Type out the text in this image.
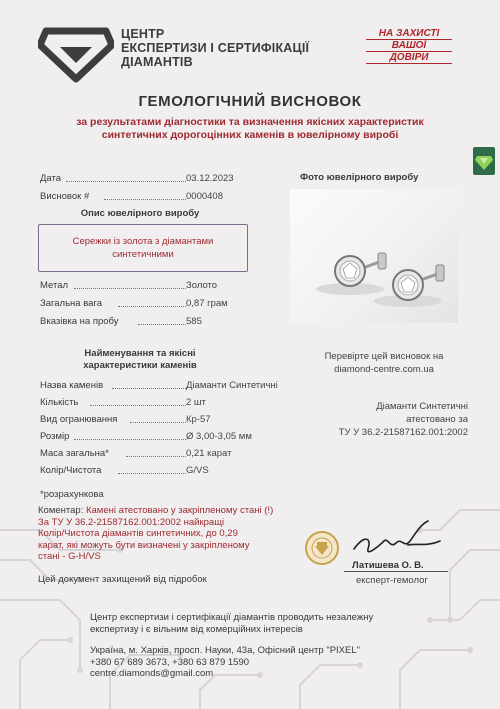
ЦЕНТР
ЕКСПЕРТИЗИ І СЕРТИФІКАЦІЇ
ДІАМАНТІВ
НА ЗАХИСТІ
ВАШОЇ
ДОВІРИ
ГЕМОЛОГІЧНИЙ ВИСНОВОК
за результатами діагностики та визначення якісних характеристик
синтетичних дорогоцінних каменів в ювелірному виробі
Дата	03.12.2023
Висновок #	0000408
Опис ювелірного виробу
Сережки із золота з діамантами
синтетичними
Метал	Золото
Загальна вага	0,87 грам
Вказівка на пробу	585
Фото ювелірного виробу
Найменування та якісні
характеристики каменів
Перевірте цей висновок на
diamond-centre.com.ua
Діаманти Синтетичні
атестовано за
ТУ У 36.2-21587162.001:2002
Назва каменів	Діаманти Синтетичні
Кількість	2 шт
Вид огранювання	Кр-57
Розмір	Ø 3,00-3,05 мм
Маса загальна*	0,21 карат
Колір/Чистота	G/VS
*розрахункова
Коментар: Камені атестовано у закріпленому стані (!)
За ТУ У 36.2-21587162.001:2002 найкращі
Колір/Чистота діамантів синтетичних, до 0,29
карат, які можуть бути визначені у закріпленому
стані - G-H/VS
Цей документ захищений від підробок
Латишева О. В.
експерт-гемолог
Центр експертизи і сертифікації діамантів проводить незалежну
експертизу і є вільним від комерційних інтересів
Україна, м. Харків, просп. Науки, 43а, Офісний центр "PIXEL"
+380 67 689 3673, +380 63 879 1590
centre.diamonds@gmail.com
